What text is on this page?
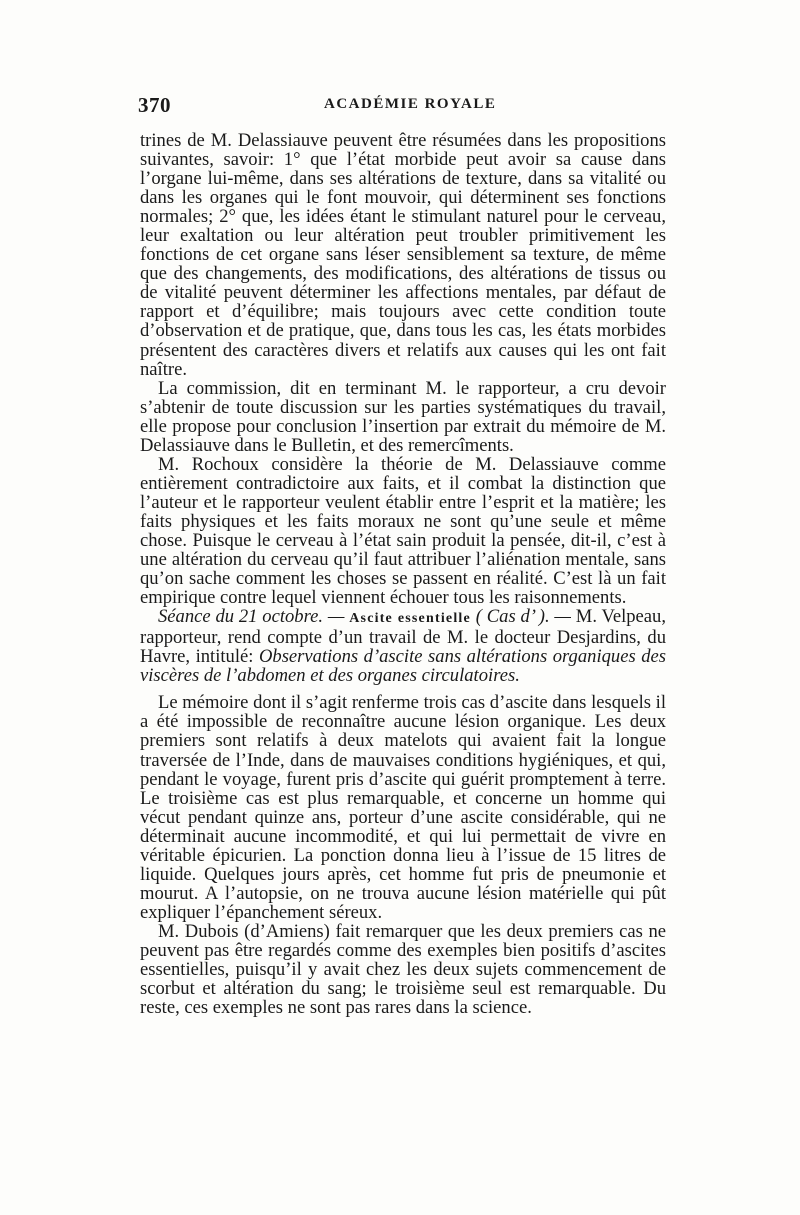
370	ACADÉMIE ROYALE

trines de M. Delassiauve peuvent être résumées dans les propositions suivantes, savoir: 1° que l’état morbide peut avoir sa cause dans l’organe lui-même, dans ses altérations de texture, dans sa vitalité ou dans les organes qui le font mouvoir, qui déterminent ses fonctions normales; 2° que, les idées étant le stimulant naturel pour le cerveau, leur exaltation ou leur altération peut troubler primitivement les fonctions de cet organe sans léser sensiblement sa texture, de même que des changements, des modifications, des altérations de tissus ou de vitalité peuvent déterminer les affections mentales, par défaut de rapport et d’équilibre; mais toujours avec cette condition toute d’observation et de pratique, que, dans tous les cas, les états morbides présentent des caractères divers et relatifs aux causes qui les ont fait naître.

La commission, dit en terminant M. le rapporteur, a cru devoir s’abtenir de toute discussion sur les parties systématiques du travail, elle propose pour conclusion l’insertion par extrait du mémoire de M. Delassiauve dans le Bulletin, et des remercîments.

M. Rochoux considère la théorie de M. Delassiauve comme entièrement contradictoire aux faits, et il combat la distinction que l’auteur et le rapporteur veulent établir entre l’esprit et la matière; les faits physiques et les faits moraux ne sont qu’une seule et même chose. Puisque le cerveau à l’état sain produit la pensée, dit-il, c’est à une altération du cerveau qu’il faut attribuer l’aliénation mentale, sans qu’on sache comment les choses se passent en réalité. C’est là un fait empirique contre lequel viennent échouer tous les raisonnements.

Séance du 21 octobre. — Ascite essentielle ( Cas d’ ). — M. Velpeau, rapporteur, rend compte d’un travail de M. le docteur Desjardins, du Havre, intitulé: Observations d’ascite sans altérations organiques des viscères de l’abdomen et des organes circulatoires.

Le mémoire dont il s’agit renferme trois cas d’ascite dans lesquels il a été impossible de reconnaître aucune lésion organique. Les deux premiers sont relatifs à deux matelots qui avaient fait la longue traversée de l’Inde, dans de mauvaises conditions hygiéniques, et qui, pendant le voyage, furent pris d’ascite qui guérit promptement à terre. Le troisième cas est plus remarquable, et concerne un homme qui vécut pendant quinze ans, porteur d’une ascite considérable, qui ne déterminait aucune incommodité, et qui lui permettait de vivre en véritable épicurien. La ponction donna lieu à l’issue de 15 litres de liquide. Quelques jours après, cet homme fut pris de pneumonie et mourut. A l’autopsie, on ne trouva aucune lésion matérielle qui pût expliquer l’épanchement séreux.

M. Dubois (d’Amiens) fait remarquer que les deux premiers cas ne peuvent pas être regardés comme des exemples bien positifs d’ascites essentielles, puisqu’il y avait chez les deux sujets commencement de scorbut et altération du sang; le troisième seul est remarquable. Du reste, ces exemples ne sont pas rares dans la science.
